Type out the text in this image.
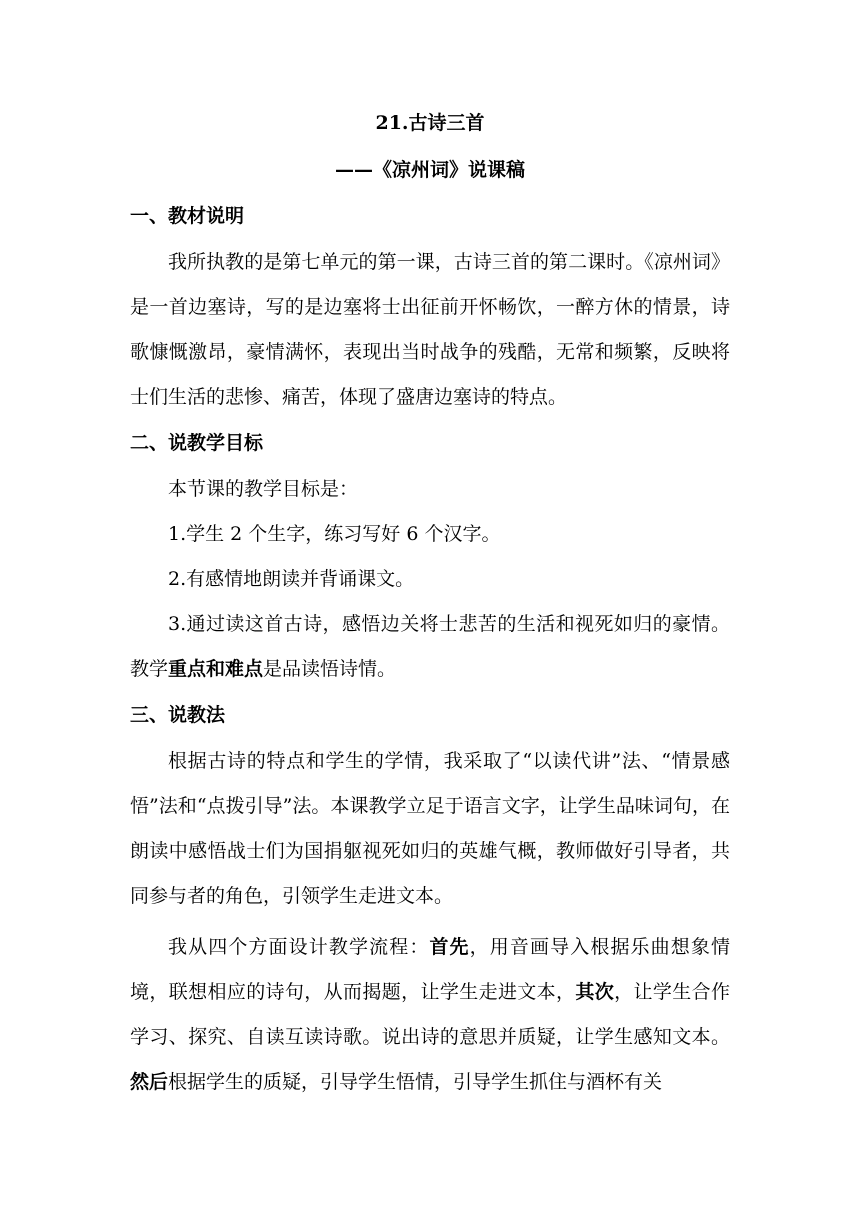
21.古诗三首

——《凉州词》说课稿

一、教材说明

我所执教的是第七单元的第一课，古诗三首的第二课时。《凉州词》是一首边塞诗，写的是边塞将士出征前开怀畅饮，一醉方休的情景，诗歌慷慨激昂，豪情满怀，表现出当时战争的残酷，无常和频繁，反映将士们生活的悲惨、痛苦，体现了盛唐边塞诗的特点。

二、说教学目标

本节课的教学目标是：

1.学生 2 个生字，练习写好 6 个汉字。

2.有感情地朗读并背诵课文。

3.通过读这首古诗，感悟边关将士悲苦的生活和视死如归的豪情。教学重点和难点是品读悟诗情。

三、说教法

根据古诗的特点和学生的学情，我采取了“以读代讲”法、“情景感悟”法和“点拨引导”法。本课教学立足于语言文字，让学生品味词句，在朗读中感悟战士们为国捐躯视死如归的英雄气概，教师做好引导者，共同参与者的角色，引领学生走进文本。

我从四个方面设计教学流程：首先，用音画导入根据乐曲想象情境，联想相应的诗句，从而揭题，让学生走进文本，其次，让学生合作学习、探究、自读互读诗歌。说出诗的意思并质疑，让学生感知文本。然后根据学生的质疑，引导学生悟情，引导学生抓住与酒杯有关
